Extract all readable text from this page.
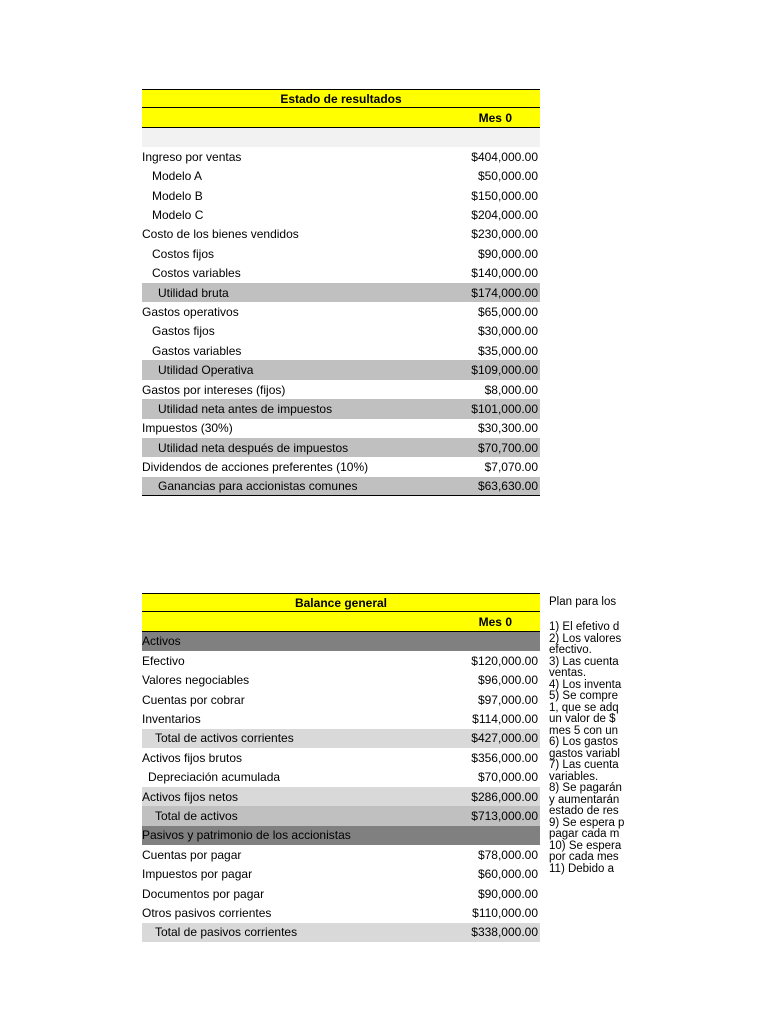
Estado de resultados
Mes 0
Ingreso por ventas	$404,000.00
Modelo A	$50,000.00
Modelo B	$150,000.00
Modelo C	$204,000.00
Costo de los bienes vendidos	$230,000.00
Costos fijos	$90,000.00
Costos variables	$140,000.00
Utilidad bruta	$174,000.00
Gastos operativos	$65,000.00
Gastos fijos	$30,000.00
Gastos variables	$35,000.00
Utilidad Operativa	$109,000.00
Gastos por intereses (fijos)	$8,000.00
Utilidad neta antes de impuestos	$101,000.00
Impuestos (30%)	$30,300.00
Utilidad neta después de impuestos	$70,700.00
Dividendos de acciones preferentes (10%)	$7,070.00
Ganancias para accionistas comunes	$63,630.00
Balance general
Mes 0
Activos
Efectivo	$120,000.00
Valores negociables	$96,000.00
Cuentas por cobrar	$97,000.00
Inventarios	$114,000.00
Total de activos corrientes	$427,000.00
Activos fijos brutos	$356,000.00
Depreciación acumulada	$70,000.00
Activos fijos netos	$286,000.00
Total de activos	$713,000.00
Pasivos y patrimonio de los accionistas
Cuentas por pagar	$78,000.00
Impuestos por pagar	$60,000.00
Documentos por pagar	$90,000.00
Otros pasivos corrientes	$110,000.00
Total de pasivos corrientes	$338,000.00
Plan para los
1) El efetivo d
2) Los valores
efectivo.
3) Las cuenta
ventas.
4) Los inventa
5) Se compre
1, que se adq
un valor de $
mes 5 con un
6) Los gastos
gastos variabl
7) Las cuenta
variables.
8) Se pagarán
y aumentarán
estado de res
9) Se espera p
pagar cada m
10) Se espera
por cada mes
11) Debido a
